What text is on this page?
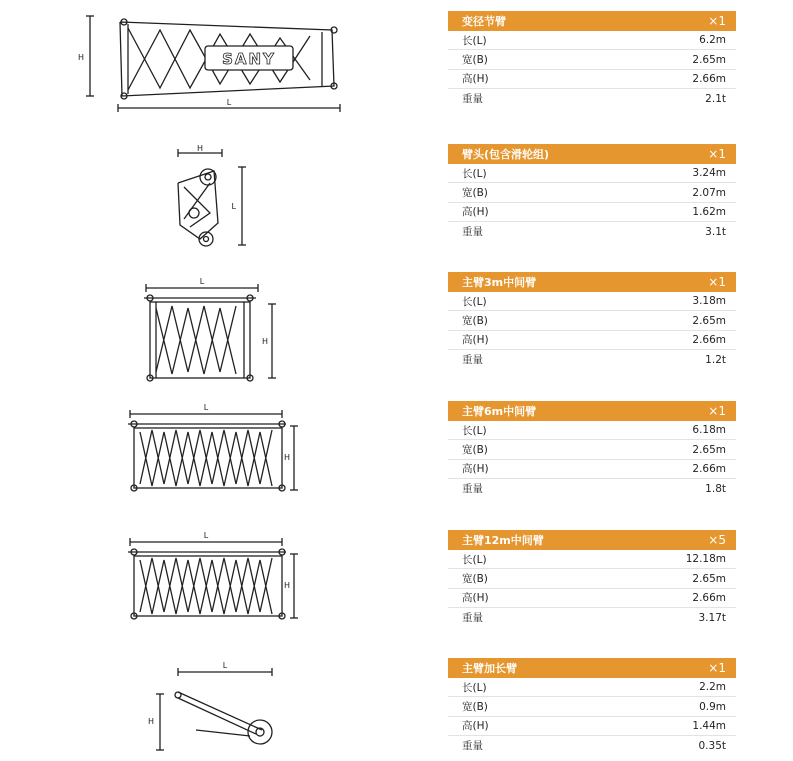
SANY
H
L
H
L
L
H
L
H
L
H
L
H
变径节臂	×1
长(L)	6.2m
宽(B)	2.65m
高(H)	2.66m
重量	2.1t
臂头(包含滑轮组)	×1
长(L)	3.24m
宽(B)	2.07m
高(H)	1.62m
重量	3.1t
主臂3m中间臂	×1
长(L)	3.18m
宽(B)	2.65m
高(H)	2.66m
重量	1.2t
主臂6m中间臂	×1
长(L)	6.18m
宽(B)	2.65m
高(H)	2.66m
重量	1.8t
主臂12m中间臂	×5
长(L)	12.18m
宽(B)	2.65m
高(H)	2.66m
重量	3.17t
主臂加长臂	×1
长(L)	2.2m
宽(B)	0.9m
高(H)	1.44m
重量	0.35t
